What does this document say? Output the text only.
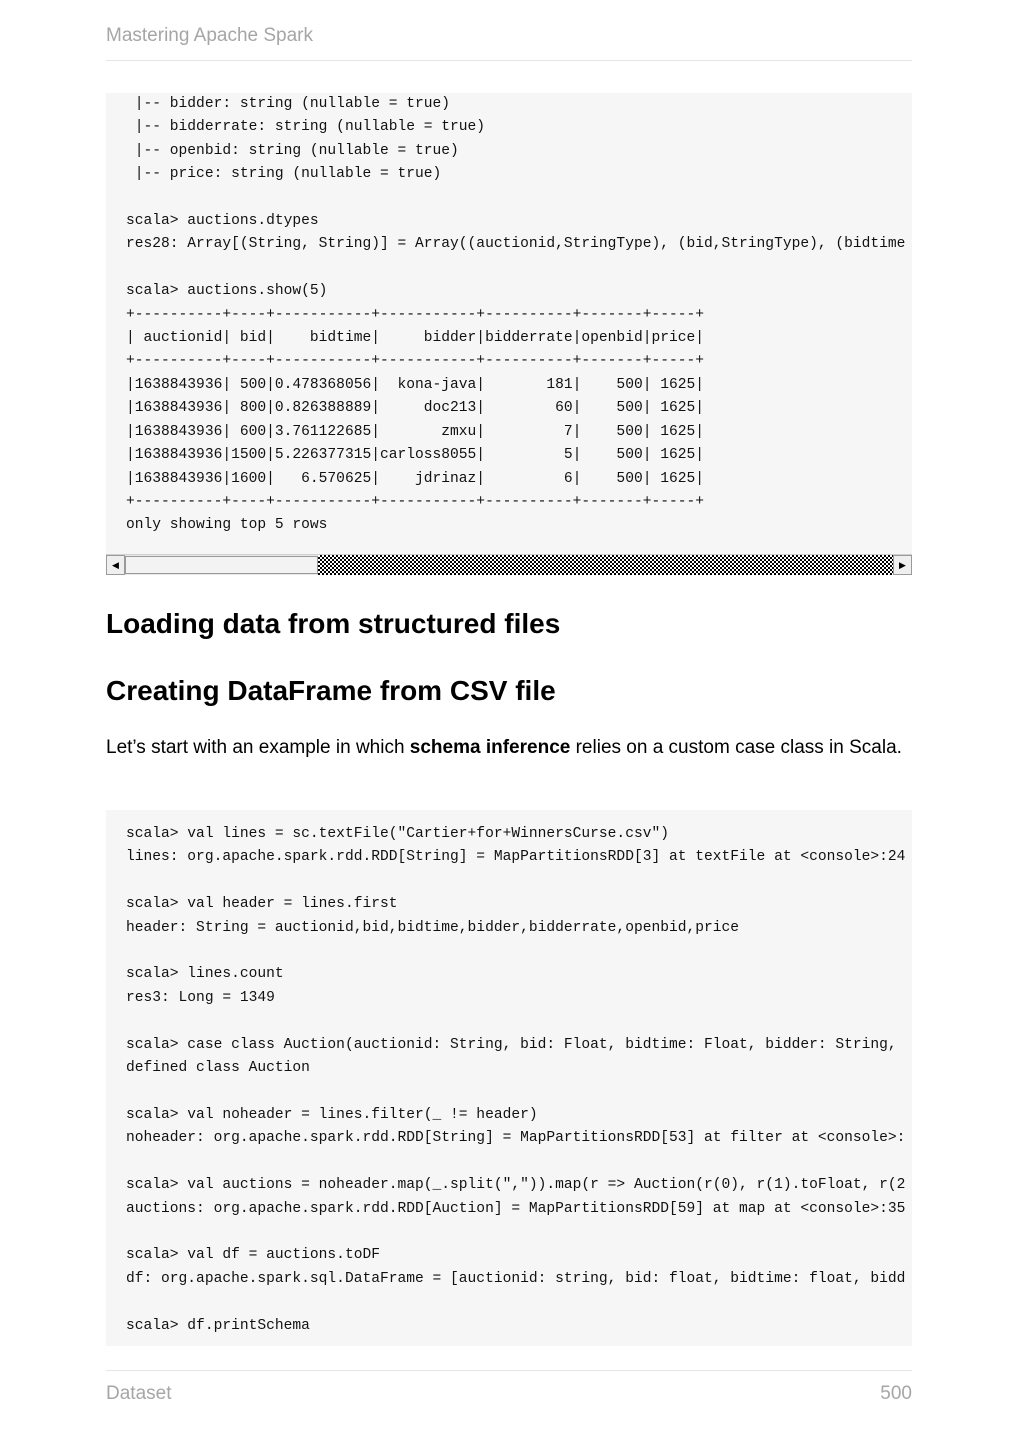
Mastering Apache Spark
|-- bidder: string (nullable = true)
|-- bidderrate: string (nullable = true)
|-- openbid: string (nullable = true)
|-- price: string (nullable = true)

scala> auctions.dtypes
res28: Array[(String, String)] = Array((auctionid,StringType), (bid,StringType), (bidtime

scala> auctions.show(5)
+----------+----+-----------+-----------+----------+-------+-----+
| auctionid| bid|    bidtime|     bidder|bidderrate|openbid|price|
+----------+----+-----------+-----------+----------+-------+-----+
|1638843936| 500|0.478368056|  kona-java|       181|    500| 1625|
|1638843936| 800|0.826388889|     doc213|        60|    500| 1625|
|1638843936| 600|3.761122685|       zmxu|         7|    500| 1625|
|1638843936|1500|5.226377315|carloss8055|         5|    500| 1625|
|1638843936|1600|   6.570625|    jdrinaz|         6|    500| 1625|
+----------+----+-----------+-----------+----------+-------+-----+
only showing top 5 rows
◀	▶
Loading data from structured files
Creating DataFrame from CSV file
Let’s start with an example in which schema inference relies on a custom case class in Scala.
scala> val lines = sc.textFile("Cartier+for+WinnersCurse.csv")
lines: org.apache.spark.rdd.RDD[String] = MapPartitionsRDD[3] at textFile at <console>:24

scala> val header = lines.first
header: String = auctionid,bid,bidtime,bidder,bidderrate,openbid,price

scala> lines.count
res3: Long = 1349

scala> case class Auction(auctionid: String, bid: Float, bidtime: Float, bidder: String,
defined class Auction

scala> val noheader = lines.filter(_ != header)
noheader: org.apache.spark.rdd.RDD[String] = MapPartitionsRDD[53] at filter at <console>:

scala> val auctions = noheader.map(_.split(",")).map(r => Auction(r(0), r(1).toFloat, r(2
auctions: org.apache.spark.rdd.RDD[Auction] = MapPartitionsRDD[59] at map at <console>:35

scala> val df = auctions.toDF
df: org.apache.spark.sql.DataFrame = [auctionid: string, bid: float, bidtime: float, bidd

scala> df.printSchema
Dataset	500
